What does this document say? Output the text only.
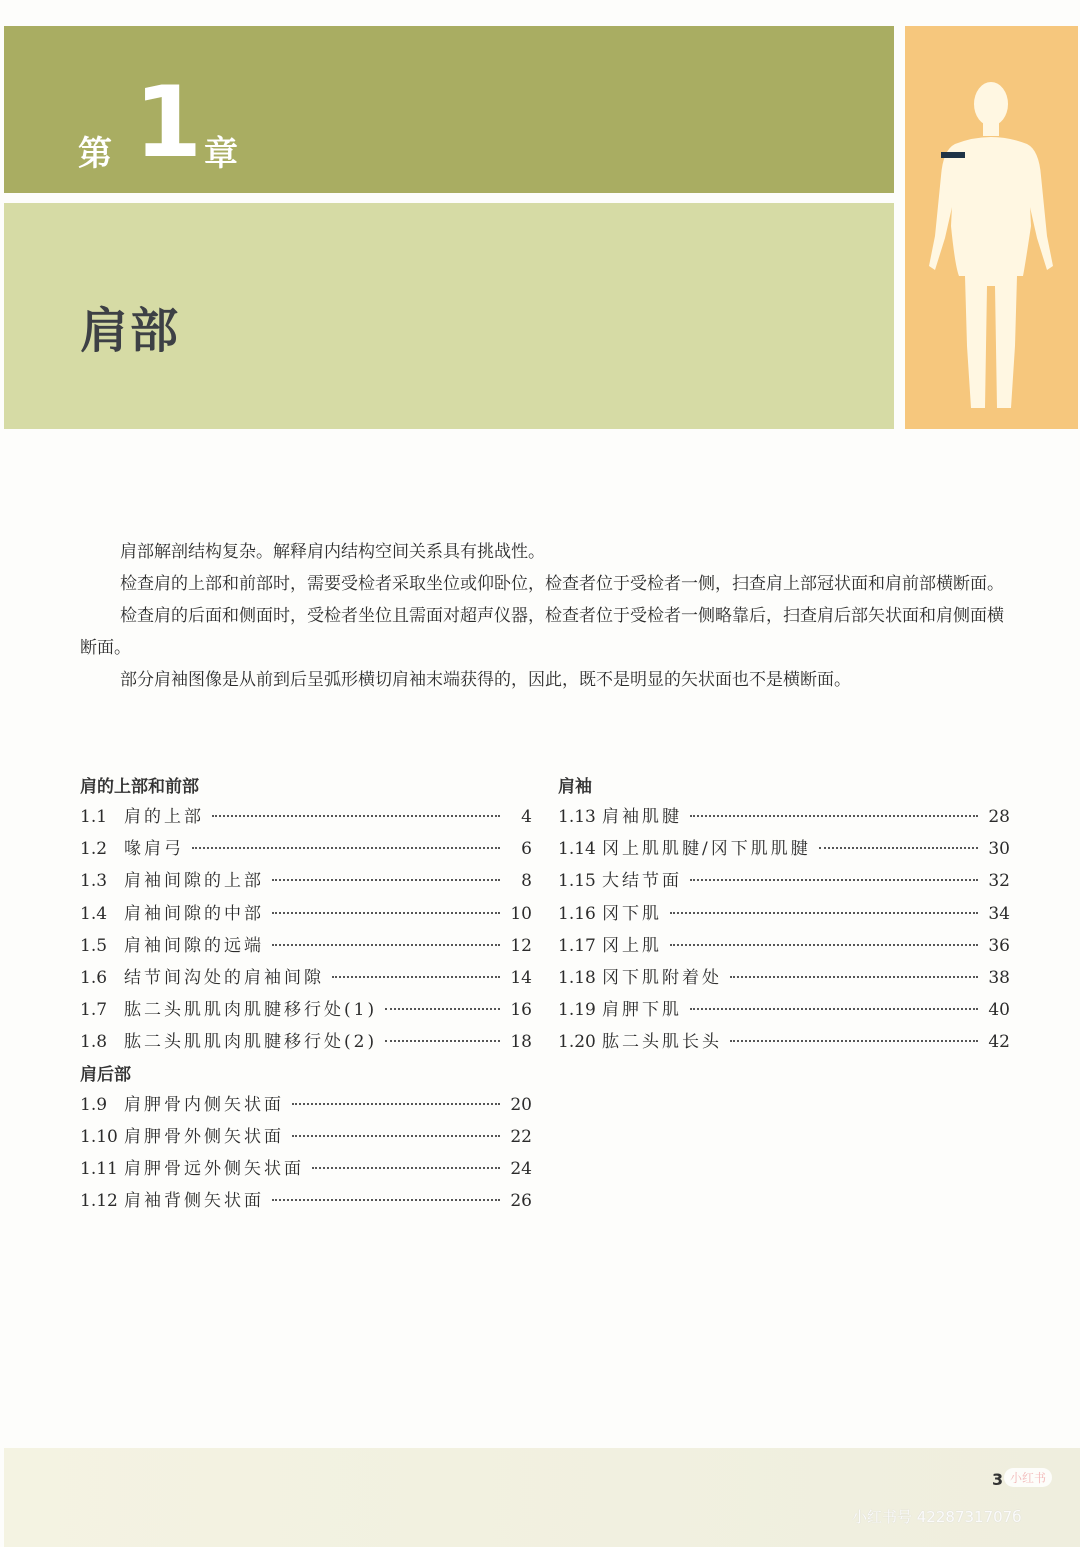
第 1 章
肩部

肩部解剖结构复杂。解释肩内结构空间关系具有挑战性。

检查肩的上部和前部时，需要受检者采取坐位或仰卧位，检查者位于受检者一侧，扫查肩上部冠状面和肩前部横断面。

检查肩的后面和侧面时，受检者坐位且需面对超声仪器，检查者位于受检者一侧略靠后，扫查肩后部矢状面和肩侧面横断面。

部分肩袖图像是从前到后呈弧形横切肩袖末端获得的，因此，既不是明显的矢状面也不是横断面。

肩的上部和前部
1.1 肩的上部	4
1.2 喙肩弓	6
1.3 肩袖间隙的上部	8
1.4 肩袖间隙的中部	10
1.5 肩袖间隙的远端	12
1.6 结节间沟处的肩袖间隙	14
1.7 肱二头肌肌肉肌腱移行处(1)	16
1.8 肱二头肌肌肉肌腱移行处(2)	18
肩后部
1.9 肩胛骨内侧矢状面	20
1.10 肩胛骨外侧矢状面	22
1.11 肩胛骨远外侧矢状面	24
1.12 肩袖背侧矢状面	26
肩袖
1.13 肩袖肌腱	28
1.14 冈上肌肌腱/冈下肌肌腱	30
1.15 大结节面	32
1.16 冈下肌	34
1.17 冈上肌	36
1.18 冈下肌附着处	38
1.19 肩胛下肌	40
1.20 肱二头肌长头	42
3 小红书
小红书号 4228731707б
